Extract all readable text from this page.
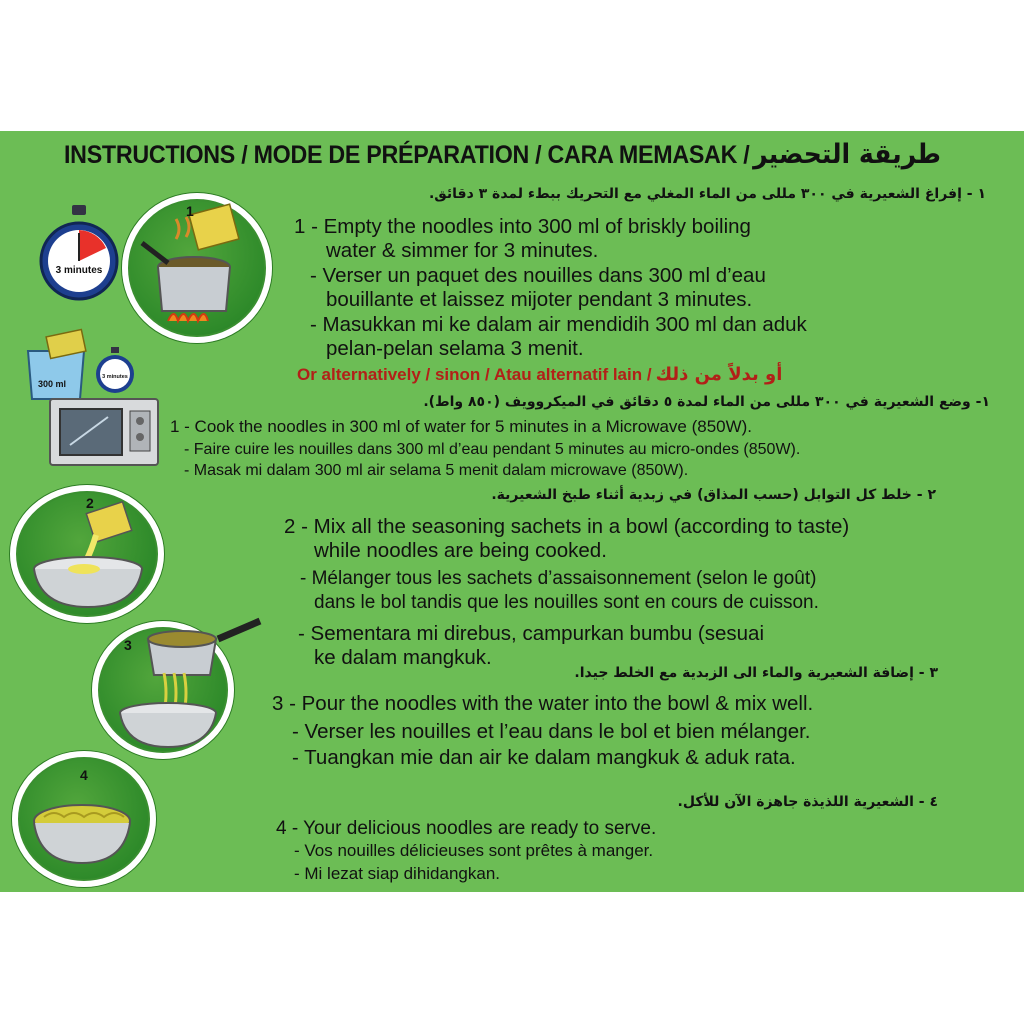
INSTRUCTIONS / MODE DE PRÉPARATION / CARA MEMASAK / طريقة التحضير
3 minutes
1
١ - إفراغ الشعيرية في ٣٠٠ مللى من الماء المغلي مع التحريك ببطء لمدة ٣ دقائق.
1 - Empty the noodles into 300 ml of briskly boiling
water & simmer for 3 minutes.
- Verser un paquet des nouilles dans 300 ml d’eau
bouillante et laissez mijoter pendant 3 minutes.
- Masukkan mi ke dalam air mendidih 300 ml dan aduk
pelan-pelan selama 3 menit.
Or alternatively / sinon / Atau alternatif lain / أو بدلاً من ذلك
300 ml
3 minutes
١- وضع الشعيرية في ٣٠٠ مللى من الماء لمدة ٥ دقائق في الميكروويف (٨٥٠ واط).
1 - Cook the noodles in 300 ml of water for 5 minutes in a Microwave (850W).
- Faire cuire les nouilles dans 300 ml d’eau pendant 5 minutes au micro-ondes (850W).
- Masak mi dalam 300 ml air selama 5 menit dalam microwave (850W).
2	٢ - خلط كل التوابل (حسب المذاق) في زبدية أثناء طبخ الشعيرية.
2 - Mix all the seasoning sachets in a bowl (according to taste)
while noodles are being cooked.
- Mélanger tous les sachets d’assaisonnement (selon le goût)
dans le bol tandis que les nouilles sont en cours de cuisson.
- Sementara mi direbus, campurkan bumbu (sesuai
ke dalam mangkuk.
3
٣ - إضافة الشعيرية والماء الى الزبدية مع الخلط جيدا.
3 - Pour the noodles with the water into the bowl & mix well.
- Verser les nouilles et l’eau dans le bol et bien mélanger.
- Tuangkan mie dan air ke dalam mangkuk & aduk rata.
4
٤ - الشعيرية اللذيذة جاهزة الآن للأكل.
4 - Your delicious noodles are ready to serve.
- Vos nouilles délicieuses sont prêtes à manger.
- Mi lezat siap dihidangkan.
